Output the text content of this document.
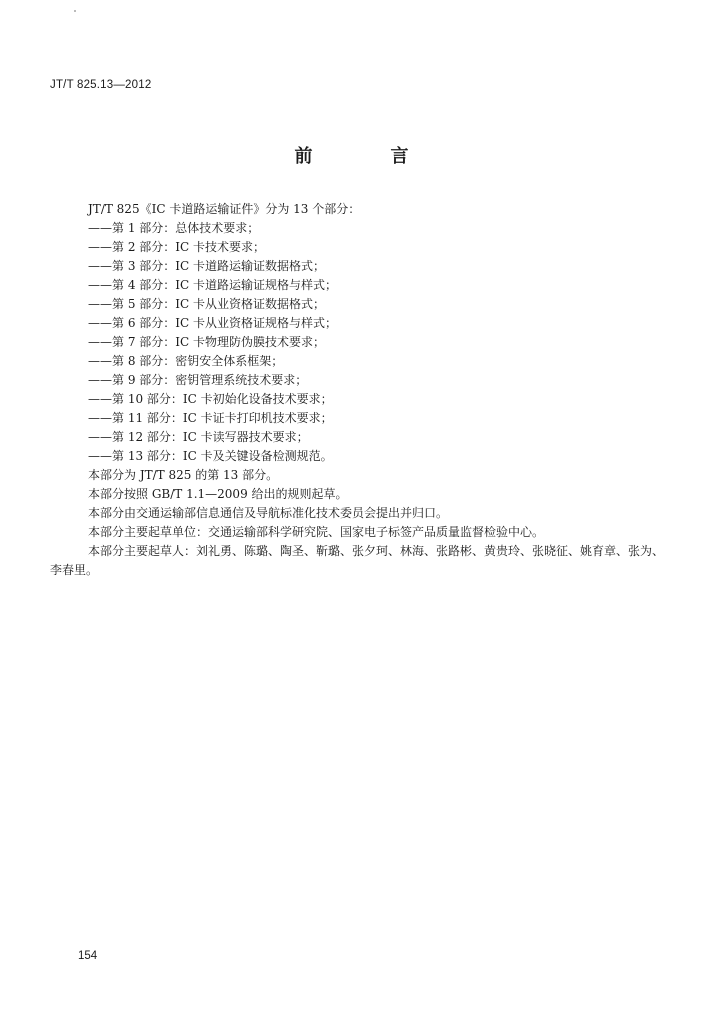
JT/T 825.13—2012
前　言
JT/T 825《IC 卡道路运输证件》分为 13 个部分：
——第 1 部分：总体技术要求；
——第 2 部分：IC 卡技术要求；
——第 3 部分：IC 卡道路运输证数据格式；
——第 4 部分：IC 卡道路运输证规格与样式；
——第 5 部分：IC 卡从业资格证数据格式；
——第 6 部分：IC 卡从业资格证规格与样式；
——第 7 部分：IC 卡物理防伪膜技术要求；
——第 8 部分：密钥安全体系框架；
——第 9 部分：密钥管理系统技术要求；
——第 10 部分：IC 卡初始化设备技术要求；
——第 11 部分：IC 卡证卡打印机技术要求；
——第 12 部分：IC 卡读写器技术要求；
——第 13 部分：IC 卡及关键设备检测规范。
本部分为 JT/T 825 的第 13 部分。
本部分按照 GB/T 1.1—2009 给出的规则起草。
本部分由交通运输部信息通信及导航标准化技术委员会提出并归口。
本部分主要起草单位：交通运输部科学研究院、国家电子标签产品质量监督检验中心。
本部分主要起草人：刘礼勇、陈璐、陶圣、靳璐、张夕珂、林海、张路彬、黄贵玲、张晓征、姚育章、张为、
李春里。
154
